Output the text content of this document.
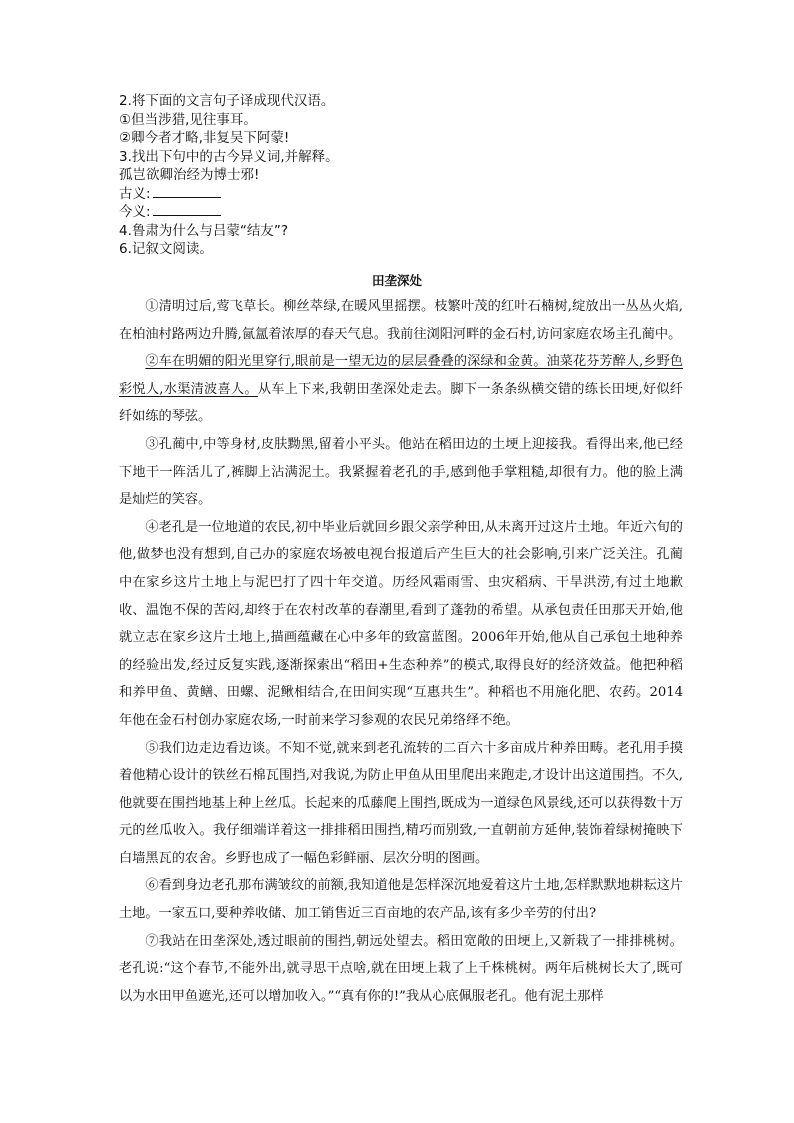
2.将下面的文言句子译成现代汉语。
①但当涉猎,见往事耳。
②卿今者才略,非复吴下阿蒙!
3.找出下句中的古今异义词,并解释。
孤岂欲卿治经为博士邪!
古义:
今义:
4.鲁肃为什么与吕蒙“结友”?
6.记叙文阅读。
田垄深处

①清明过后,莺飞草长。柳丝萃绿,在暖风里摇摆。枝繁叶茂的红叶石楠树,绽放出一丛丛火焰,在柏油村路两边升腾,氤氲着浓厚的春天气息。我前往浏阳河畔的金石村,访问家庭农场主孔蔺中。

②车在明媚的阳光里穿行,眼前是一望无边的层层叠叠的深绿和金黄。油菜花芬芳醉人,乡野色彩悦人,水渠清波喜人。从车上下来,我朝田垄深处走去。脚下一条条纵横交错的练长田埂,好似纤纤如练的琴弦。

③孔蔺中,中等身材,皮肤黝黑,留着小平头。他站在稻田边的土埂上迎接我。看得出来,他已经下地干一阵活儿了,裤脚上沾满泥土。我紧握着老孔的手,感到他手掌粗糙,却很有力。他的脸上满是灿烂的笑容。

④老孔是一位地道的农民,初中毕业后就回乡跟父亲学种田,从未离开过这片土地。年近六旬的他,做梦也没有想到,自己办的家庭农场被电视台报道后产生巨大的社会影响,引来广泛关注。孔蔺中在家乡这片土地上与泥巴打了四十年交道。历经风霜雨雪、虫灾稻病、干旱洪涝,有过土地歉收、温饱不保的苦闷,却终于在农村改革的春潮里,看到了蓬勃的希望。从承包责任田那天开始,他就立志在家乡这片土地上,描画蕴藏在心中多年的致富蓝图。2006年开始,他从自己承包土地种养的经验出发,经过反复实践,逐渐探索出“稻田+生态种养”的模式,取得良好的经济效益。他把种稻和养甲鱼、黄鳝、田螺、泥鳅相结合,在田间实现“互惠共生”。种稻也不用施化肥、农药。2014年他在金石村创办家庭农场,一时前来学习参观的农民兄弟络绎不绝。

⑤我们边走边看边谈。不知不觉,就来到老孔流转的二百六十多亩成片种养田畴。老孔用手摸着他精心设计的铁丝石棉瓦围挡,对我说,为防止甲鱼从田里爬出来跑走,才设计出这道围挡。不久,他就要在围挡地基上种上丝瓜。长起来的瓜藤爬上围挡,既成为一道绿色风景线,还可以获得数十万元的丝瓜收入。我仔细端详着这一排排稻田围挡,精巧而别致,一直朝前方延伸,装饰着绿树掩映下白墙黑瓦的农舍。乡野也成了一幅色彩鲜丽、层次分明的图画。

⑥看到身边老孔那布满皱纹的前额,我知道他是怎样深沉地爱着这片土地,怎样默默地耕耘这片土地。一家五口,要种养收储、加工销售近三百亩地的农产品,该有多少辛劳的付出?

⑦我站在田垄深处,透过眼前的围挡,朝远处望去。稻田宽敞的田埂上,又新栽了一排排桃树。老孔说:“这个春节,不能外出,就寻思干点啥,就在田埂上栽了上千株桃树。两年后桃树长大了,既可以为水田甲鱼遮光,还可以增加收入。”“真有你的!”我从心底佩服老孔。他有泥土那样
